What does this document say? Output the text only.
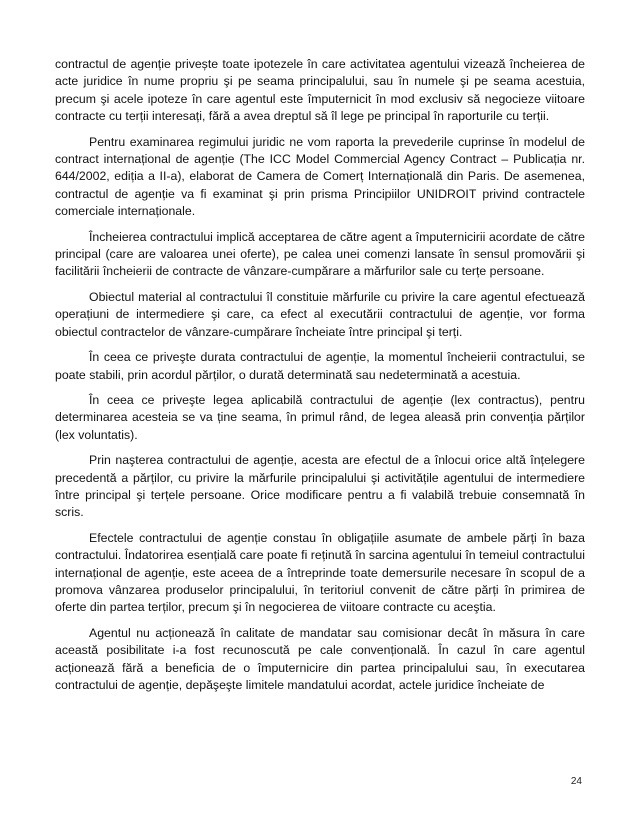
contractul de agenție privește toate ipotezele în care activitatea agentului vizează încheierea de acte juridice în nume propriu şi pe seama principalului, sau în numele şi pe seama acestuia, precum şi acele ipoteze în care agentul este împuternicit în mod exclusiv să negocieze viitoare contracte cu terții interesați, fără a avea dreptul să îl lege pe principal în raporturile cu terții.

Pentru examinarea regimului juridic ne vom raporta la prevederile cuprinse în modelul de contract internațional de agenție (The ICC Model Commercial Agency Contract – Publicația nr. 644/2002, ediția a II-a), elaborat de Camera de Comerț Internațională din Paris. De asemenea, contractul de agenție va fi examinat şi prin prisma Principiilor UNIDROIT privind contractele comerciale internaționale.

Încheierea contractului implică acceptarea de către agent a împuternicirii acordate de către principal (care are valoarea unei oferte), pe calea unei comenzi lansate în sensul promovării şi facilitării încheierii de contracte de vânzare-cumpărare a mărfurilor sale cu terțe persoane.

Obiectul material al contractului îl constituie mărfurile cu privire la care agentul efectuează operațiuni de intermediere şi care, ca efect al executării contractului de agenție, vor forma obiectul contractelor de vânzare-cumpărare încheiate între principal şi terți.

În ceea ce priveşte durata contractului de agenție, la momentul încheierii contractului, se poate stabili, prin acordul părților, o durată determinată sau nedeterminată a acestuia.

În ceea ce priveşte legea aplicabilă contractului de agenție (lex contractus), pentru determinarea acesteia se va ține seama, în primul rând, de legea aleasă prin convenția părților (lex voluntatis).

Prin naşterea contractului de agenție, acesta are efectul de a înlocui orice altă înțelegere precedentă a părților, cu privire la mărfurile principalului şi activitățile agentului de intermediere între principal şi terțele persoane. Orice modificare pentru a fi valabilă trebuie consemnată în scris.

Efectele contractului de agenție constau în obligațiile asumate de ambele părți în baza contractului. Îndatorirea esențială care poate fi reținută în sarcina agentului în temeiul contractului internațional de agenție, este aceea de a întreprinde toate demersurile necesare în scopul de a promova vânzarea produselor principalului, în teritoriul convenit de către părți în primirea de oferte din partea terților, precum şi în negocierea de viitoare contracte cu aceştia.

Agentul nu acționează în calitate de mandatar sau comisionar decât în măsura în care această posibilitate i-a fost recunoscută pe cale convențională. În cazul în care agentul acționează fără a beneficia de o împuternicire din partea principalului sau, în executarea contractului de agenție, depăşeşte limitele mandatului acordat, actele juridice încheiate de

24
